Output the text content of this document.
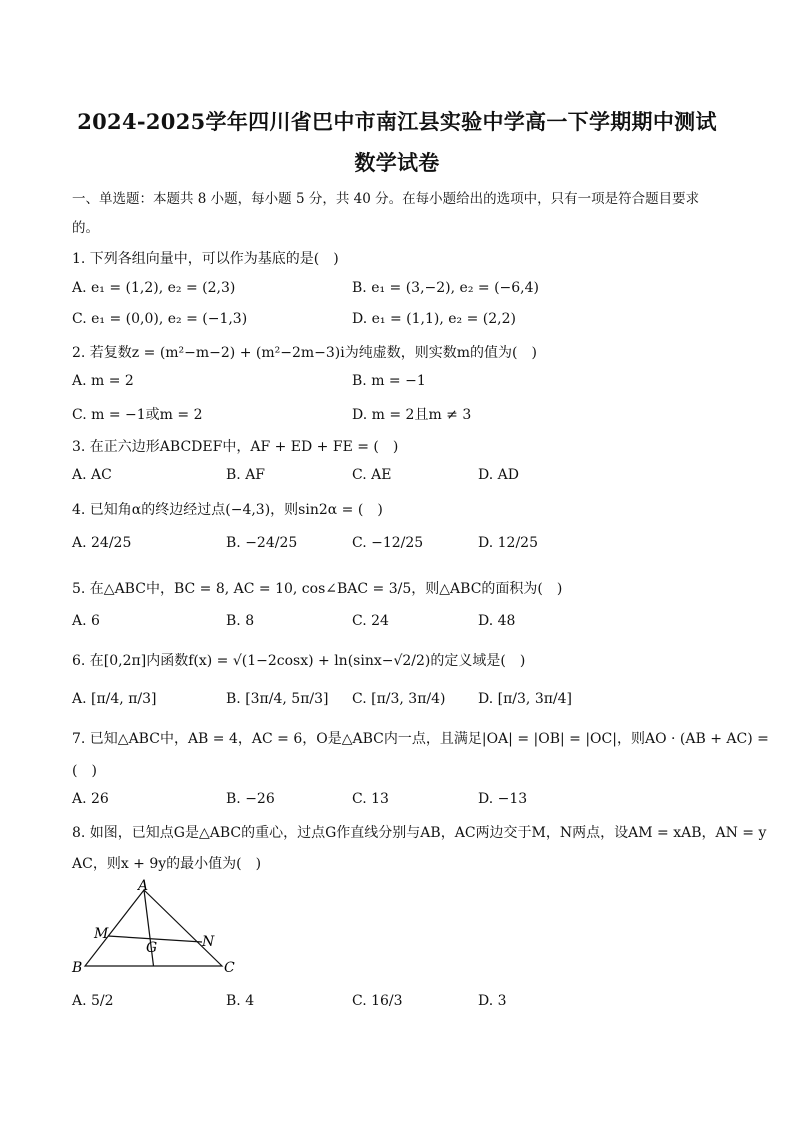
2024-2025学年四川省巴中市南江县实验中学高一下学期期中测试
数学试卷
一、单选题：本题共 8 小题，每小题 5 分，共 40 分。在每小题给出的选项中，只有一项是符合题目要求
的。
1. 下列各组向量中，可以作为基底的是(　)
A. e₁ = (1,2), e₂ = (2,3)	B. e₁ = (3,−2), e₂ = (−6,4)
C. e₁ = (0,0), e₂ = (−1,3)	D. e₁ = (1,1), e₂ = (2,2)
2. 若复数z = (m²−m−2) + (m²−2m−3)i为纯虚数，则实数m的值为(　)
A. m = 2	B. m = −1
C. m = −1或m = 2	D. m = 2且m ≠ 3
3. 在正六边形ABCDEF中，AF + ED + FE = (　)
A. AC	B. AF	C. AE	D. AD
4. 已知角α的终边经过点(−4,3)，则sin2α = (　)
A. 24/25	B. −24/25	C. −12/25	D. 12/25
5. 在△ABC中，BC = 8, AC = 10, cos∠BAC = 3/5，则△ABC的面积为(　)
A. 6	B. 8	C. 24	D. 48
6. 在[0,2π]内函数f(x) = √(1−2cosx) + ln(sinx−√2/2)的定义域是(　)
A. [π/4, π/3]	B. [3π/4, 5π/3] C. [π/3, 3π/4) D. [π/3, 3π/4]
7. 已知△ABC中，AB = 4，AC = 6，O是△ABC内一点，且满足|OA| = |OB| = |OC|，则AO · (AB + AC) =
(　)
A. 26	B. −26	C. 13	D. −13
8. 如图，已知点G是△ABC的重心，过点G作直线分别与AB，AC两边交于M，N两点，设AM = xAB，AN = y
AC，则x + 9y的最小值为(　)
A
M
G	N
B	C
A. 5/2	B. 4	C. 16/3	D. 3
